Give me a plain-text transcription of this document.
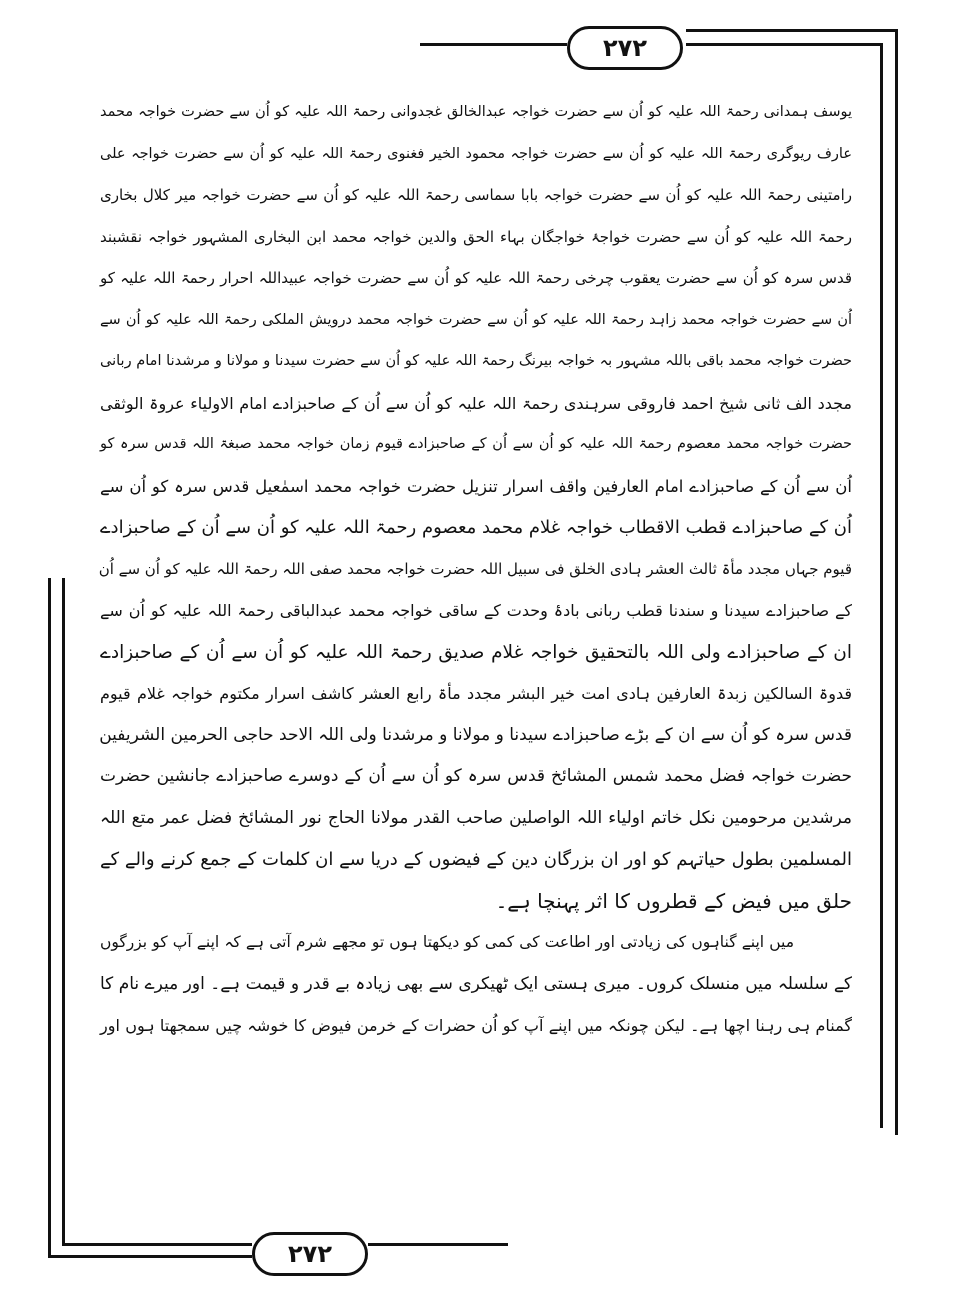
۲۷۲
۲۷۲
یوسف ہمدانی رحمۃ اللہ علیہ کو اُن سے حضرت خواجہ عبدالخالق غجدوانی رحمۃ اللہ علیہ کو اُن سے حضرت خواجہ محمد
عارف ریوگری رحمۃ اللہ علیہ کو اُن سے حضرت خواجہ محمود الخیر فغنوی رحمۃ اللہ علیہ کو اُن سے حضرت خواجہ علی
رامتینی رحمۃ اللہ علیہ کو اُن سے حضرت خواجہ بابا سماسی رحمۃ اللہ علیہ کو اُن سے حضرت خواجہ میر کلال بخاری
رحمۃ اللہ علیہ کو اُن سے حضرت خواجۂ خواجگان بہاء الحق والدین خواجہ محمد ابن البخاری المشہور خواجہ نقشبند
قدس سرہ کو اُن سے حضرت یعقوب چرخی رحمۃ اللہ علیہ کو اُن سے حضرت خواجہ عبیداللہ احرار رحمۃ اللہ علیہ کو
اُن سے حضرت خواجہ محمد زاہد رحمۃ اللہ علیہ کو اُن سے حضرت خواجہ محمد درویش الملکی رحمۃ اللہ علیہ کو اُن سے
حضرت خواجہ محمد باقی باللہ مشہور بہ خواجہ بیرنگ رحمۃ اللہ علیہ کو اُن سے حضرت سیدنا و مولانا و مرشدنا امام ربانی
مجدد الف ثانی شیخ احمد فاروقی سرہندی رحمۃ اللہ علیہ کو اُن سے اُن کے صاحبزادے امام الاولیاء عروۃ الوثقی
حضرت خواجہ محمد معصوم رحمۃ اللہ علیہ کو اُن سے اُن کے صاحبزادے قیوم زمان خواجہ محمد صبغۃ اللہ قدس سرہ کو
اُن سے اُن کے صاحبزادے امام العارفین واقف اسرار تنزیل حضرت خواجہ محمد اسمٰعیل قدس سرہ کو اُن سے
اُن کے صاحبزادے قطب الاقطاب خواجہ غلام محمد معصوم رحمۃ اللہ علیہ کو اُن سے اُن کے صاحبزادے
قیوم جہاں مجدد مأۃ ثالث العشر ہادی الخلق فی سبیل اللہ حضرت خواجہ محمد صفی اللہ رحمۃ اللہ علیہ کو اُن سے اُن
کے صاحبزادے سیدنا و سندنا قطب ربانی بادۂ وحدت کے ساقی خواجہ محمد عبدالباقی رحمۃ اللہ علیہ کو اُن سے
ان کے صاحبزادے ولی اللہ بالتحقیق خواجہ غلام صدیق رحمۃ اللہ علیہ کو اُن سے اُن کے صاحبزادے
قدوۃ السالکین زبدۃ العارفین ہادی امت خیر البشر مجدد مأۃ رابع العشر کاشف اسرار مکتوم خواجہ غلام قیوم
قدس سرہ کو اُن سے ان کے بڑے صاحبزادے سیدنا و مولانا و مرشدنا ولی اللہ الاحد حاجی الحرمین الشریفین
حضرت خواجہ فضل محمد شمس المشائخ قدس سرہ کو اُن سے اُن کے دوسرے صاحبزادے جانشین حضرت
مرشدین مرحومین نکل خاتم اولیاء اللہ الواصلین صاحب القدر مولانا الحاج نور المشائخ فضل عمر متع اللہ
المسلمین بطول حیاتہم کو اور ان بزرگان دین کے فیضوں کے دریا سے ان کلمات کے جمع کرنے والے کے
حلق میں فیض کے قطروں کا اثر پہنچا ہے۔
میں اپنے گناہوں کی زیادتی اور اطاعت کی کمی کو دیکھتا ہوں تو مجھے شرم آتی ہے کہ اپنے آپ کو بزرگوں
کے سلسلہ میں منسلک کروں۔ میری ہستی ایک ٹھیکری سے بھی زیادہ بے قدر و قیمت ہے۔ اور میرے نام کا
گمنام ہی رہنا اچھا ہے۔ لیکن چونکہ میں اپنے آپ کو اُن حضرات کے خرمن فیوض کا خوشہ چیں سمجھتا ہوں اور
